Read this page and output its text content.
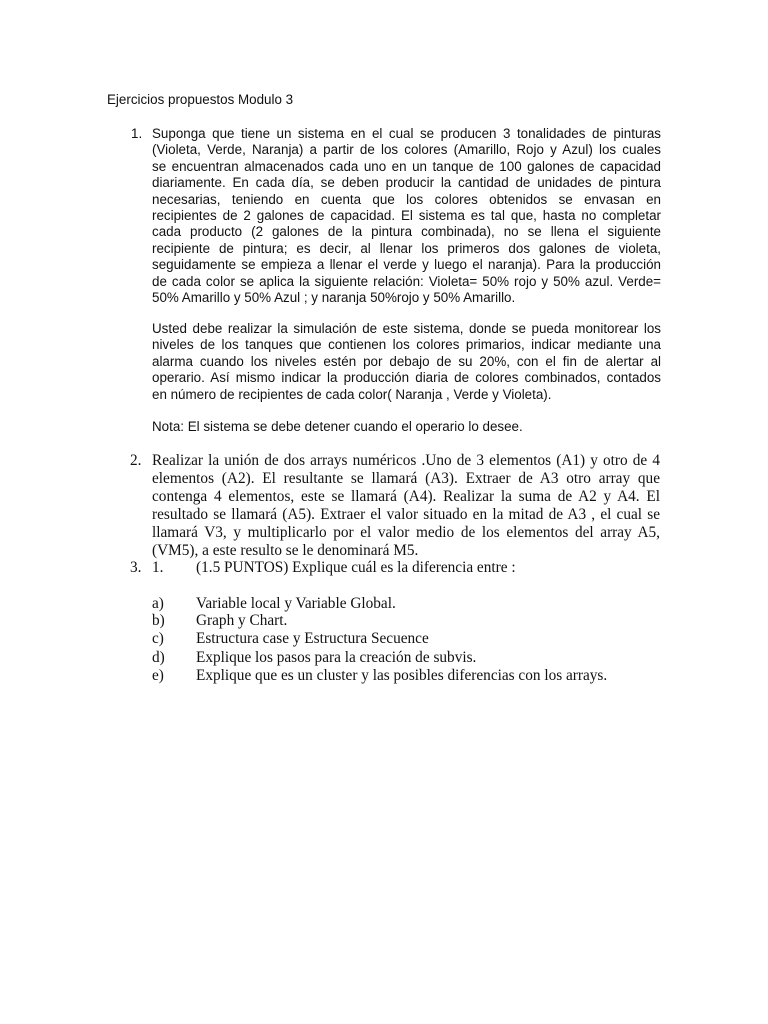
Ejercicios propuestos Modulo 3
1. Suponga que tiene un sistema en el cual se producen 3 tonalidades de pinturas
(Violeta, Verde, Naranja) a partir de los colores (Amarillo, Rojo y Azul) los cuales
se encuentran almacenados cada uno en un tanque de 100 galones de capacidad
diariamente. En cada día, se deben producir la cantidad de unidades de pintura
necesarias, teniendo en cuenta que los colores obtenidos se envasan en
recipientes de 2 galones de capacidad. El sistema es tal que, hasta no completar
cada producto (2 galones de la pintura combinada), no se llena el siguiente
recipiente de pintura; es decir, al llenar los primeros dos galones de violeta,
seguidamente se empieza a llenar el verde y luego el naranja). Para la producción
de cada color se aplica la siguiente relación: Violeta= 50% rojo y 50% azul. Verde=
50% Amarillo y 50% Azul ; y naranja 50%rojo y 50% Amarillo.
Usted debe realizar la simulación de este sistema, donde se pueda monitorear los
niveles de los tanques que contienen los colores primarios, indicar mediante una
alarma cuando los niveles estén por debajo de su 20%, con el fin de alertar al
operario. Así mismo indicar la producción diaria de colores combinados, contados
en número de recipientes de cada color( Naranja , Verde y Violeta).
Nota: El sistema se debe detener cuando el operario lo desee.
2. Realizar la unión de dos arrays numéricos .Uno de 3 elementos (A1) y otro de 4
elementos (A2). El resultante se llamará (A3). Extraer de A3 otro array que
contenga 4 elementos, este se llamará (A4). Realizar la suma de A2 y A4. El
resultado se llamará (A5). Extraer el valor situado en la mitad de A3 , el cual se
llamará V3, y multiplicarlo por el valor medio de los elementos del array A5,
(VM5), a este resulto se le denominará M5.
3. 1. (1.5 PUNTOS) Explique cuál es la diferencia entre :
a) Variable local y Variable Global.
b) Graph y Chart.
c) Estructura case y Estructura Secuence
d) Explique los pasos para la creación de subvis.
e) Explique que es un cluster y las posibles diferencias con los arrays.
